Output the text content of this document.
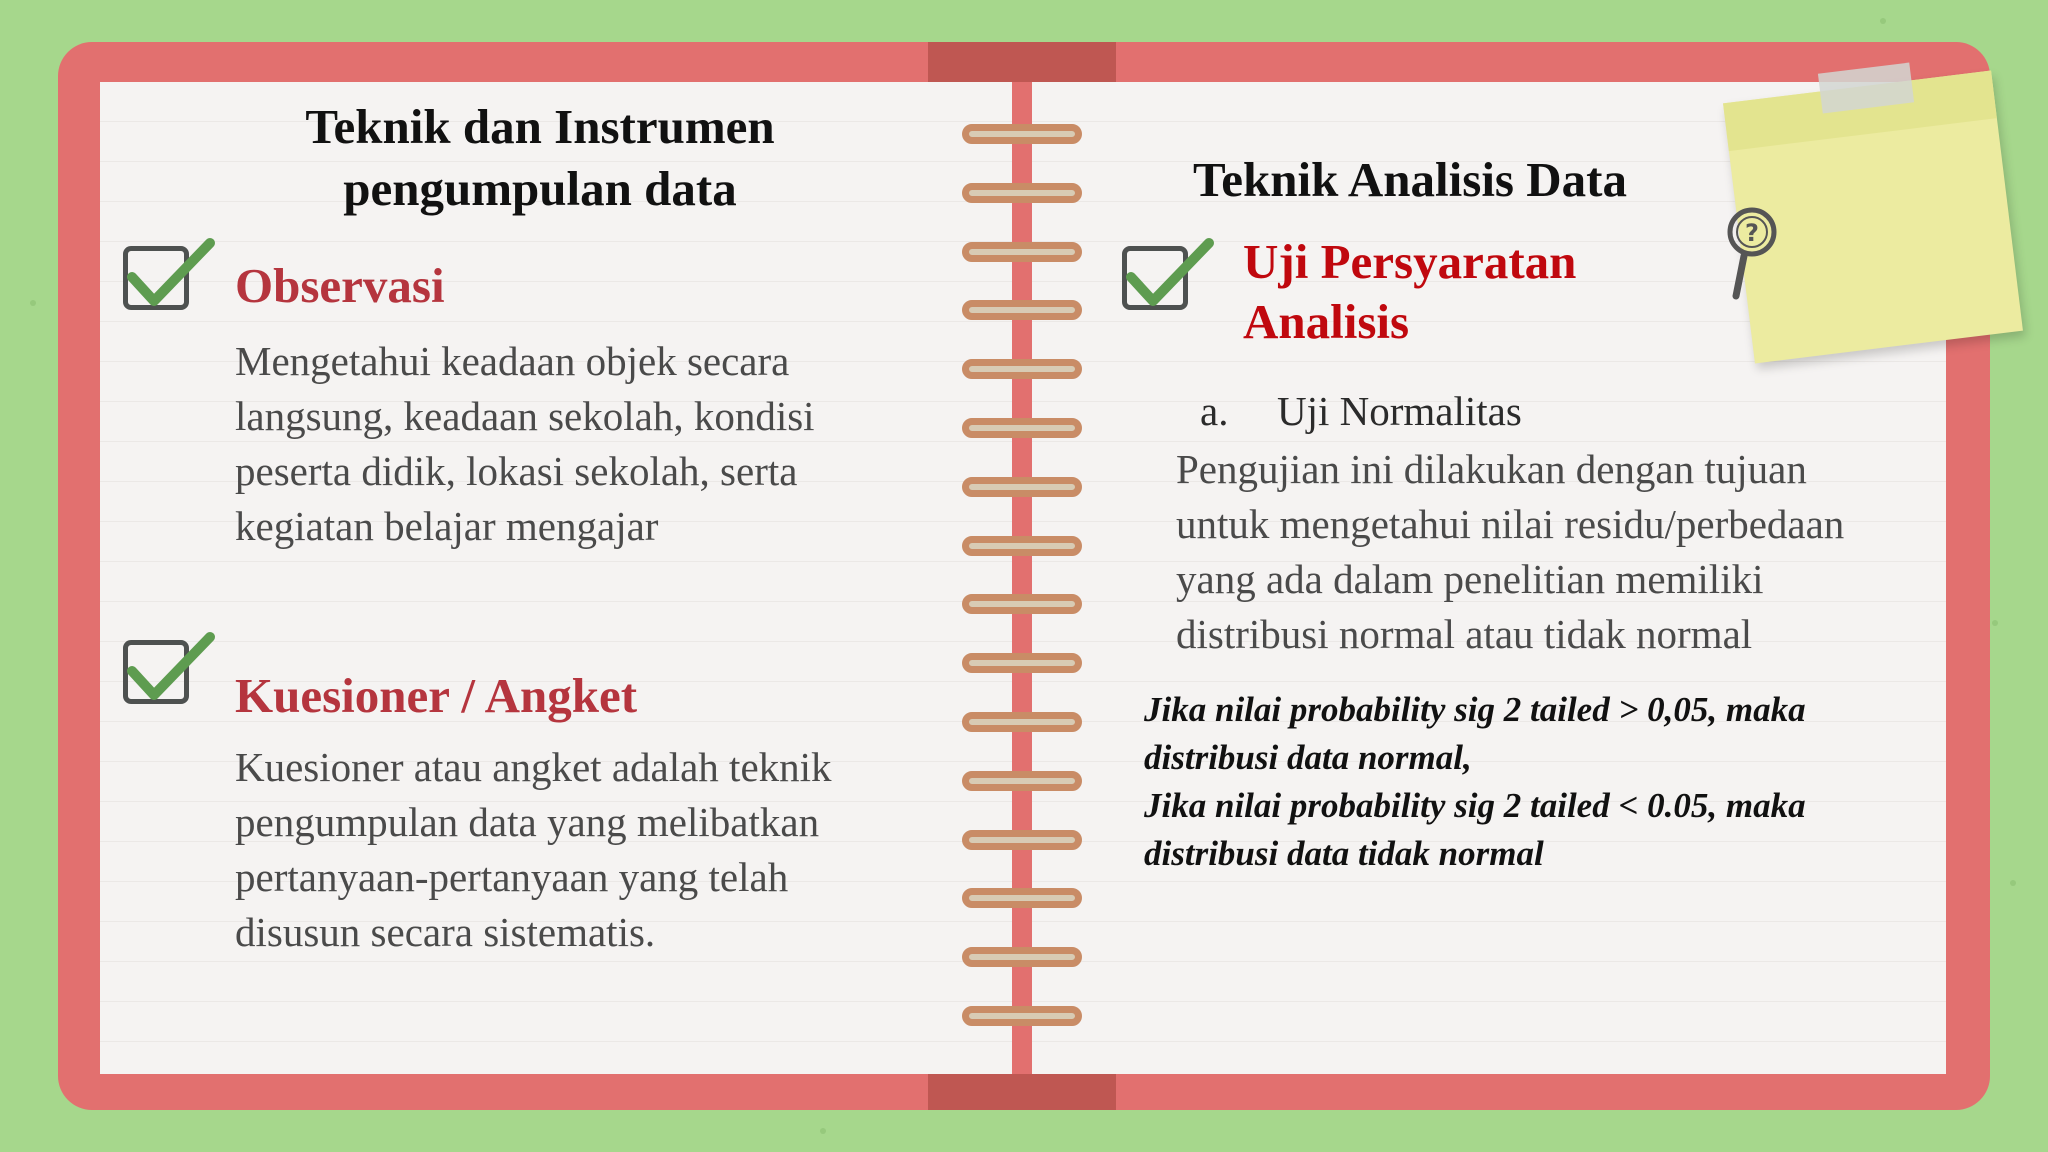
Teknik dan Instrumen
pengumpulan data
Observasi

Mengetahui keadaan objek secara
langsung, keadaan sekolah, kondisi
peserta didik, lokasi sekolah, serta
kegiatan belajar mengajar

Kuesioner / Angket

Kuesioner atau angket adalah teknik
pengumpulan data yang melibatkan
pertanyaan-pertanyaan yang telah
disusun secara sistematis.

Teknik Analisis Data
Uji Persyaratan
Analisis

a. Uji Normalitas

Pengujian ini dilakukan dengan tujuan
untuk mengetahui nilai residu/perbedaan
yang ada dalam penelitian memiliki
distribusi normal atau tidak normal

Jika nilai probability sig 2 tailed > 0,05, maka
distribusi data normal,
Jika nilai probability sig 2 tailed < 0.05, maka
distribusi data tidak normal

?
